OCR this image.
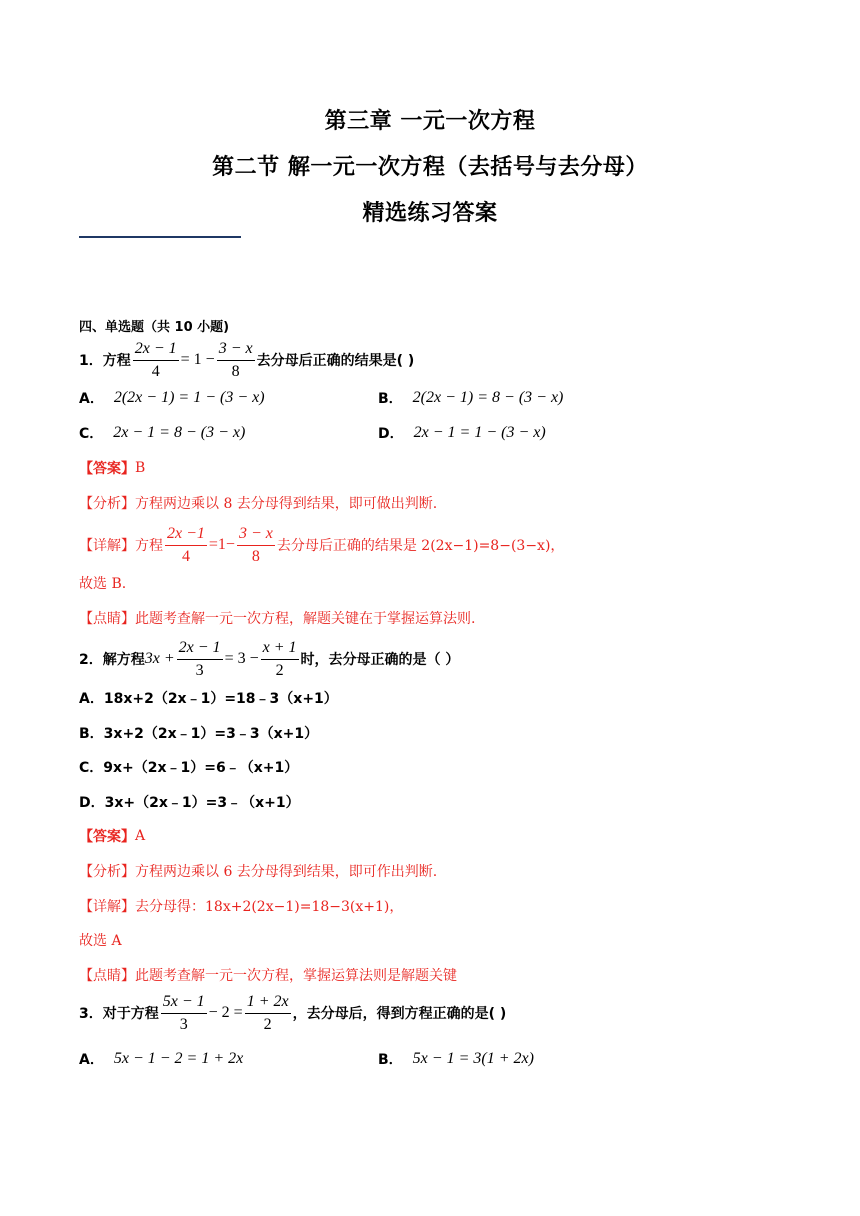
第三章 一元一次方程
第二节 解一元一次方程（去括号与去分母）
精选练习答案
四、单选题（共 10 小题)
1． 方程 $\frac{2x - 1}{4} = 1 - \frac{3 - x}{8}$ 去分母后正确的结果是( )
A． 2(2x − 1) = 1 − (3 − x)	B． 2(2x − 1) = 8 − (3 − x)
C． 2x − 1 = 8 − (3 − x)	D． 2x − 1 = 1 − (3 − x)
【答案】 B
【分析】 方程两边乘以 8 去分母得到结果，即可做出判断.
【详解】 方程 $\frac{2x -1}{4} =1- \frac{3 - x}{8}$ 去分母后正确的结果是 2(2x−1)=8−(3−x)，
故选 B.
【点睛】 此题考查解一元一次方程，解题关键在于掌握运算法则.
2． 解方程 $3x + \frac{2x - 1}{3} = 3 - \frac{x + 1}{2}$ 时，去分母正确的是（ ）
A．18x+2（2x﹣1）=18﹣3（x+1）
B．3x+2（2x﹣1）=3﹣3（x+1）
C．9x+（2x﹣1）=6﹣（x+1）
D．3x+（2x﹣1）=3﹣（x+1）
【答案】 A
【分析】 方程两边乘以 6 去分母得到结果，即可作出判断.
【详解】 去分母得：18x+2(2x−1)=18−3(x+1)，
故选 A
【点睛】 此题考查解一元一次方程，掌握运算法则是解题关键
3． 对于方程 $\frac{5x - 1}{3} - 2 = \frac{1 + 2x}{2}$ ，去分母后，得到方程正确的是( )
A． 5x − 1 − 2 = 1 + 2x	B． 5x − 1 = 3(1 + 2x)
